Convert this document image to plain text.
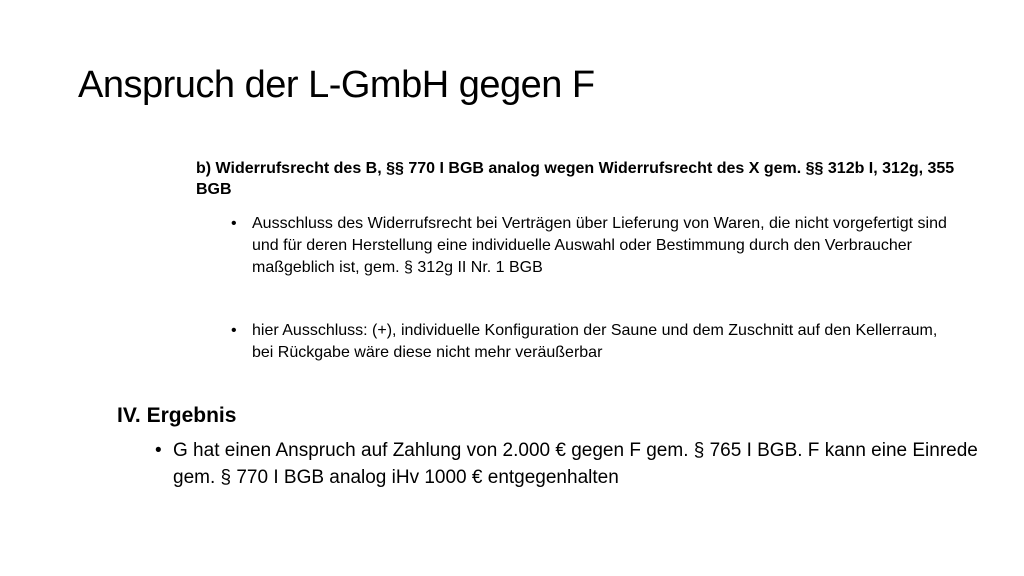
Anspruch der L-GmbH gegen F
b) Widerrufsrecht des B, §§ 770 I BGB analog wegen Widerrufsrecht des X gem. §§ 312b I, 312g, 355 BGB
• Ausschluss des Widerrufsrecht bei Verträgen über Lieferung von Waren, die nicht vorgefertigt sind und für deren Herstellung eine individuelle Auswahl oder Bestimmung durch den Verbraucher maßgeblich ist, gem. § 312g II Nr. 1 BGB
• hier Ausschluss: (+), individuelle Konfiguration der Saune und dem Zuschnitt auf den Kellerraum, bei Rückgabe wäre diese nicht mehr veräußerbar
IV. Ergebnis
• G hat einen Anspruch auf Zahlung von 2.000 € gegen F gem. § 765 I BGB. F kann eine Einrede gem. § 770 I BGB analog iHv 1000 € entgegenhalten
